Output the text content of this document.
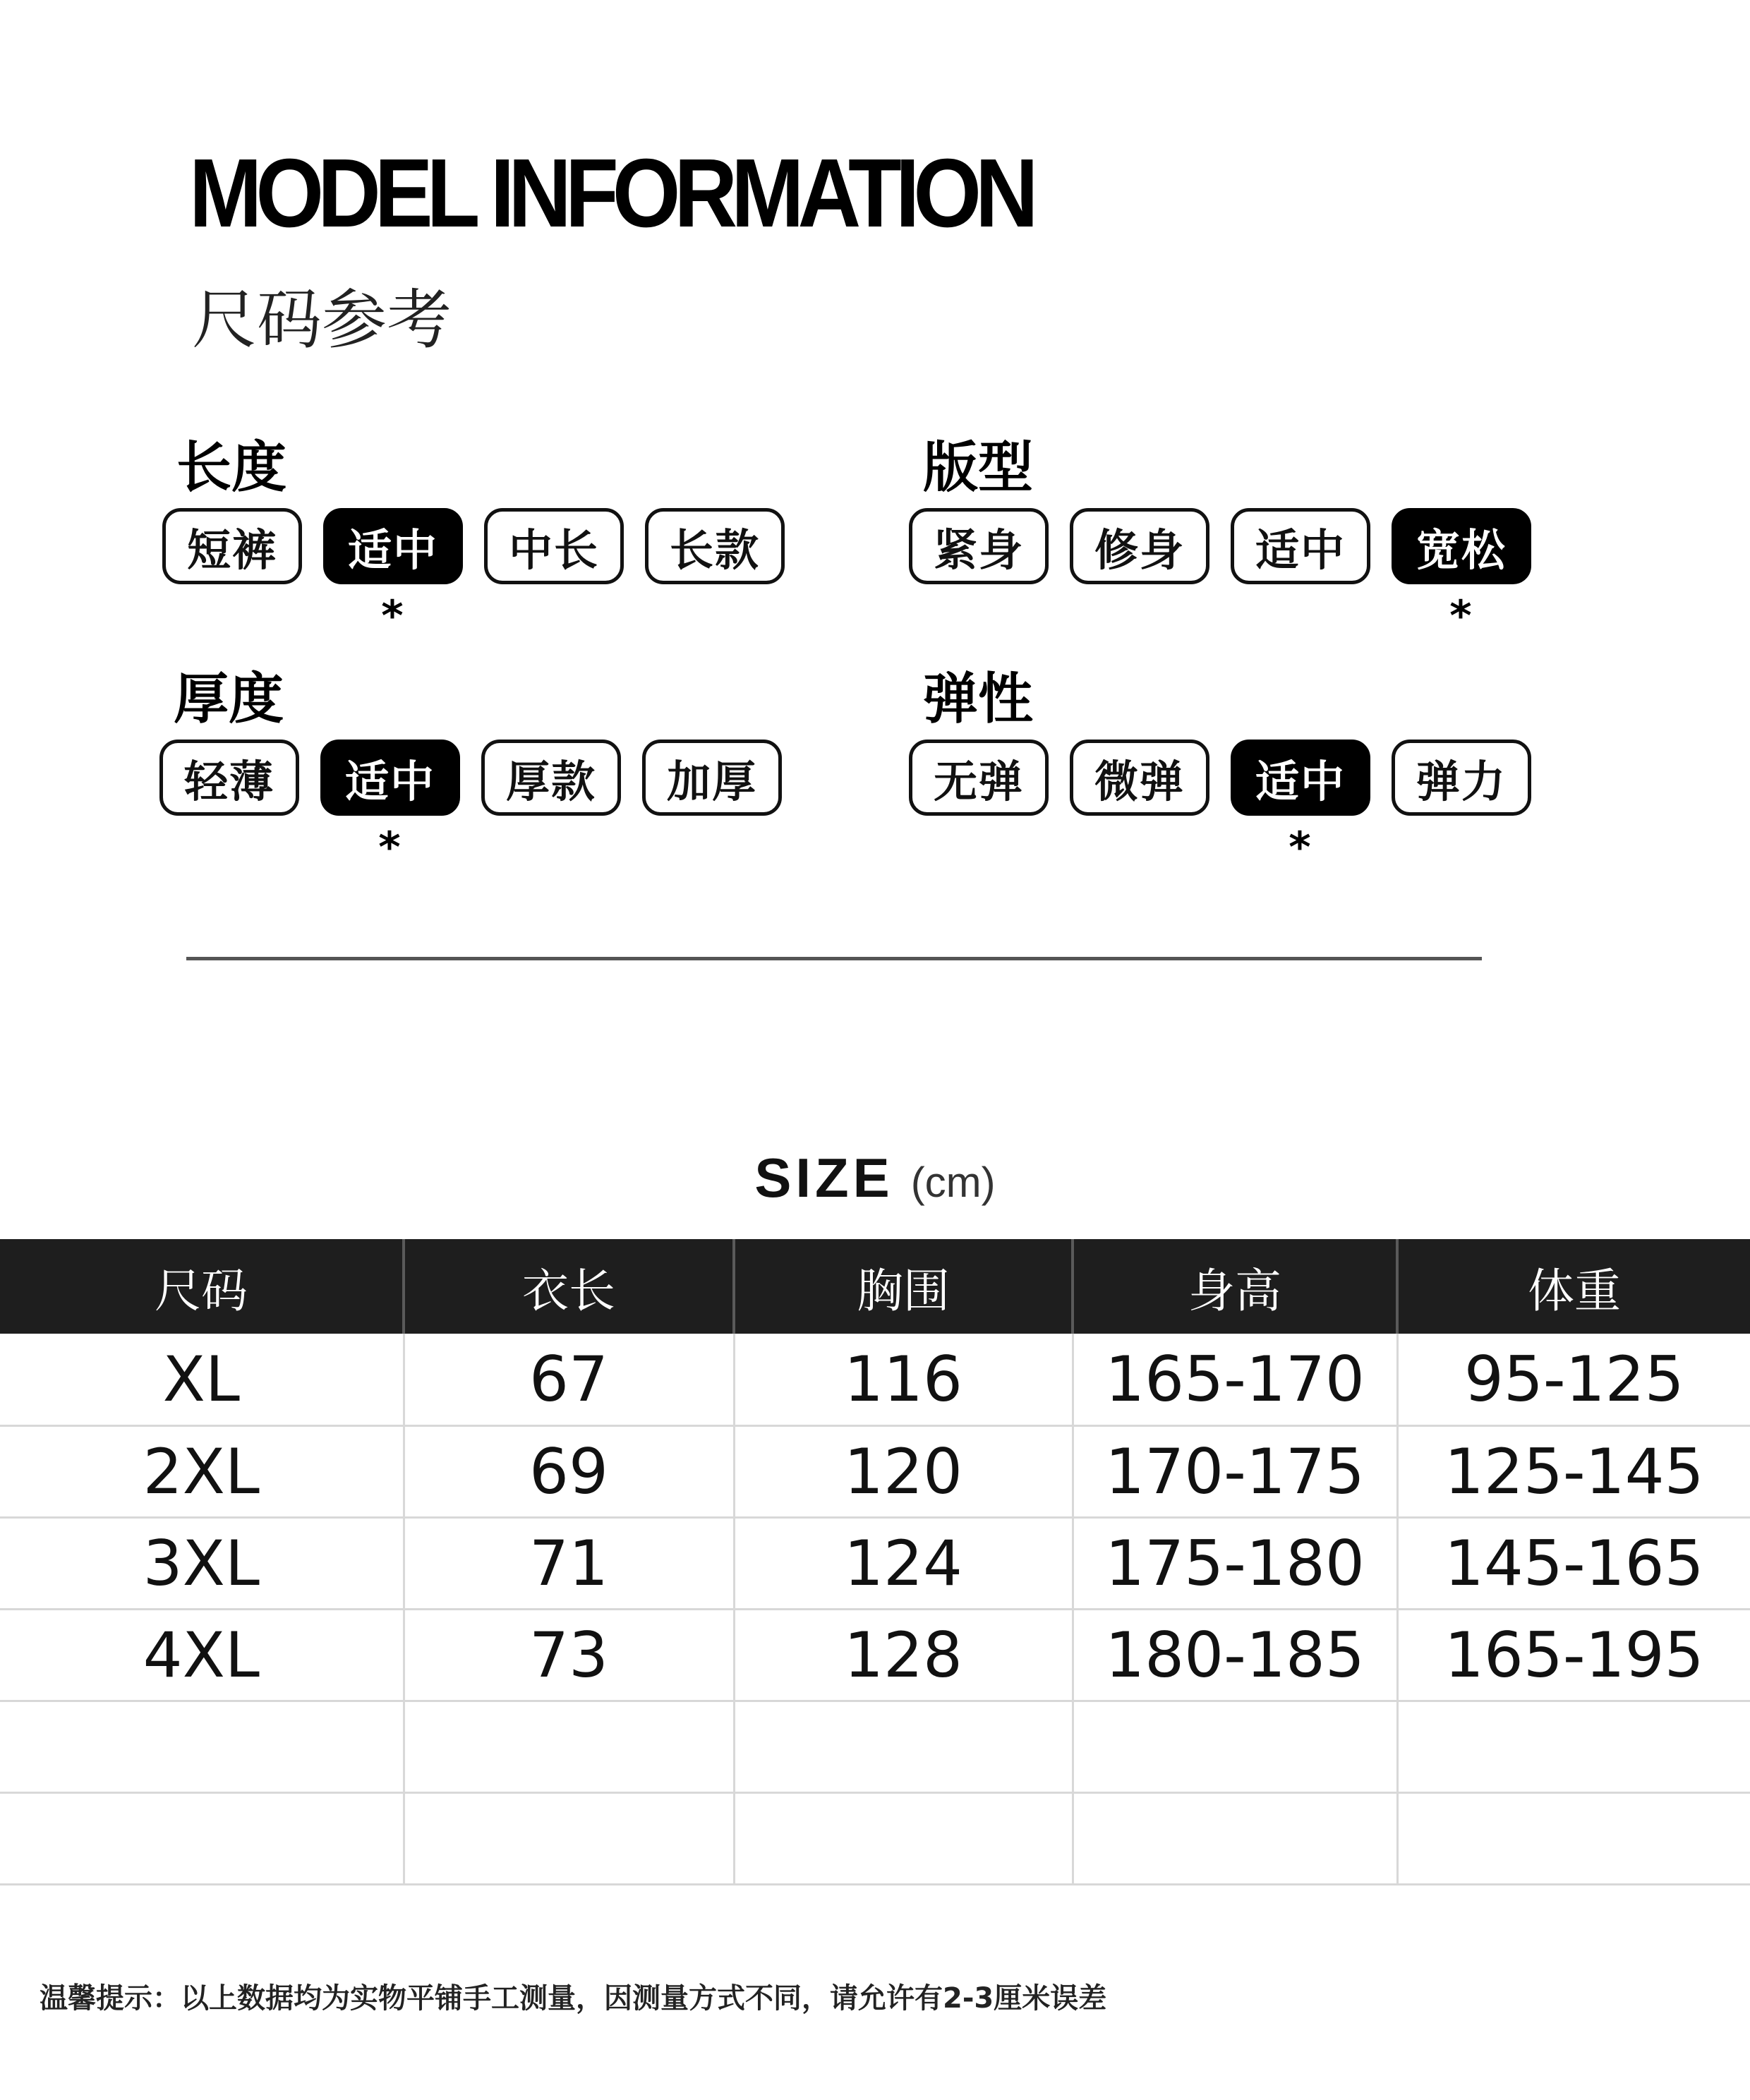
MODEL INFORMATION
尺码参考
长度
短裤 适中
*
中长 长款
版型
紧身 修身 适中 宽松
*
厚度
轻薄 适中
*
厚款 加厚
弹性
无弹 微弹 适中
*
弹力
SIZE (cm)
尺码	衣长	胸围	身高	体重
XL	67	116	165-170	95-125
2XL	69	120	170-175	125-145
3XL	71	124	175-180	145-165
4XL	73	128	180-185	165-195

温馨提示：以上数据均为实物平铺手工测量，因测量方式不同，请允许有2-3厘米误差
